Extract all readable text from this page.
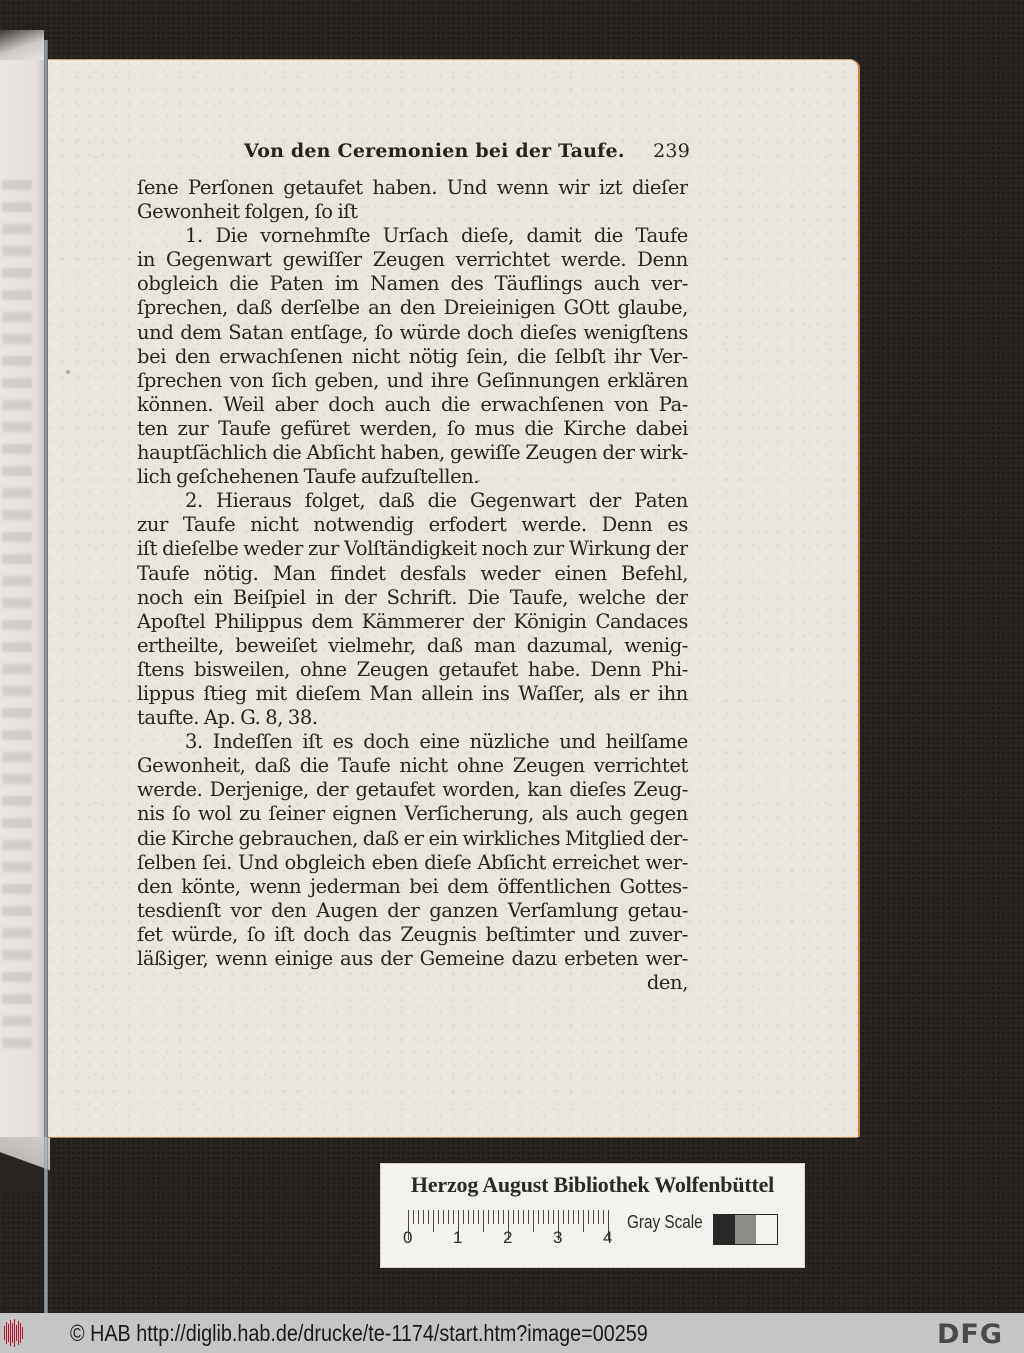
Von den Ceremonien bei der Taufe. 239
ſene Perſonen getaufet haben. Und wenn wir izt dieſer
Gewonheit folgen, ſo iſt
1. Die vornehmſte Urſach dieſe, damit die Taufe
in Gegenwart gewiſſer Zeugen verrichtet werde. Denn
obgleich die Paten im Namen des Täuflings auch ver-
ſprechen, daß derſelbe an den Dreieinigen GOtt glaube,
und dem Satan entſage, ſo würde doch dieſes wenigſtens
bei den erwachſenen nicht nötig ſein, die ſelbſt ihr Ver-
ſprechen von ſich geben, und ihre Geſinnungen erklären
können. Weil aber doch auch die erwachſenen von Pa-
ten zur Taufe gefüret werden, ſo mus die Kirche dabei
hauptſächlich die Abſicht haben, gewiſſe Zeugen der wirk-
lich geſchehenen Taufe aufzuſtellen.
2. Hieraus folget, daß die Gegenwart der Paten
zur Taufe nicht notwendig erfodert werde. Denn es
iſt dieſelbe weder zur Volſtändigkeit noch zur Wirkung der
Taufe nötig. Man findet desfals weder einen Befehl,
noch ein Beiſpiel in der Schrift. Die Taufe, welche der
Apoſtel Philippus dem Kämmerer der Königin Candaces
ertheilte, beweiſet vielmehr, daß man dazumal, wenig-
ſtens bisweilen, ohne Zeugen getaufet habe. Denn Phi-
lippus ſtieg mit dieſem Man allein ins Waſſer, als er ihn
taufte. Ap. G. 8, 38.
3. Indeſſen iſt es doch eine nüzliche und heilſame
Gewonheit, daß die Taufe nicht ohne Zeugen verrichtet
werde. Derjenige, der getaufet worden, kan dieſes Zeug-
nis ſo wol zu ſeiner eignen Verſicherung, als auch gegen
die Kirche gebrauchen, daß er ein wirkliches Mitglied der-
ſelben ſei. Und obgleich eben dieſe Abſicht erreichet wer-
den könte, wenn jederman bei dem öffentlichen Gottes-
tesdienſt vor den Augen der ganzen Verſamlung getau-
fet würde, ſo iſt doch das Zeugnis beſtimter und zuver-
läßiger, wenn einige aus der Gemeine dazu erbeten wer-
den,
Herzog August Bibliothek Wolfenbüttel
0 1 2 3 4
Gray Scale
© HAB http://diglib.hab.de/drucke/te-1174/start.htm?image=00259	DFG
